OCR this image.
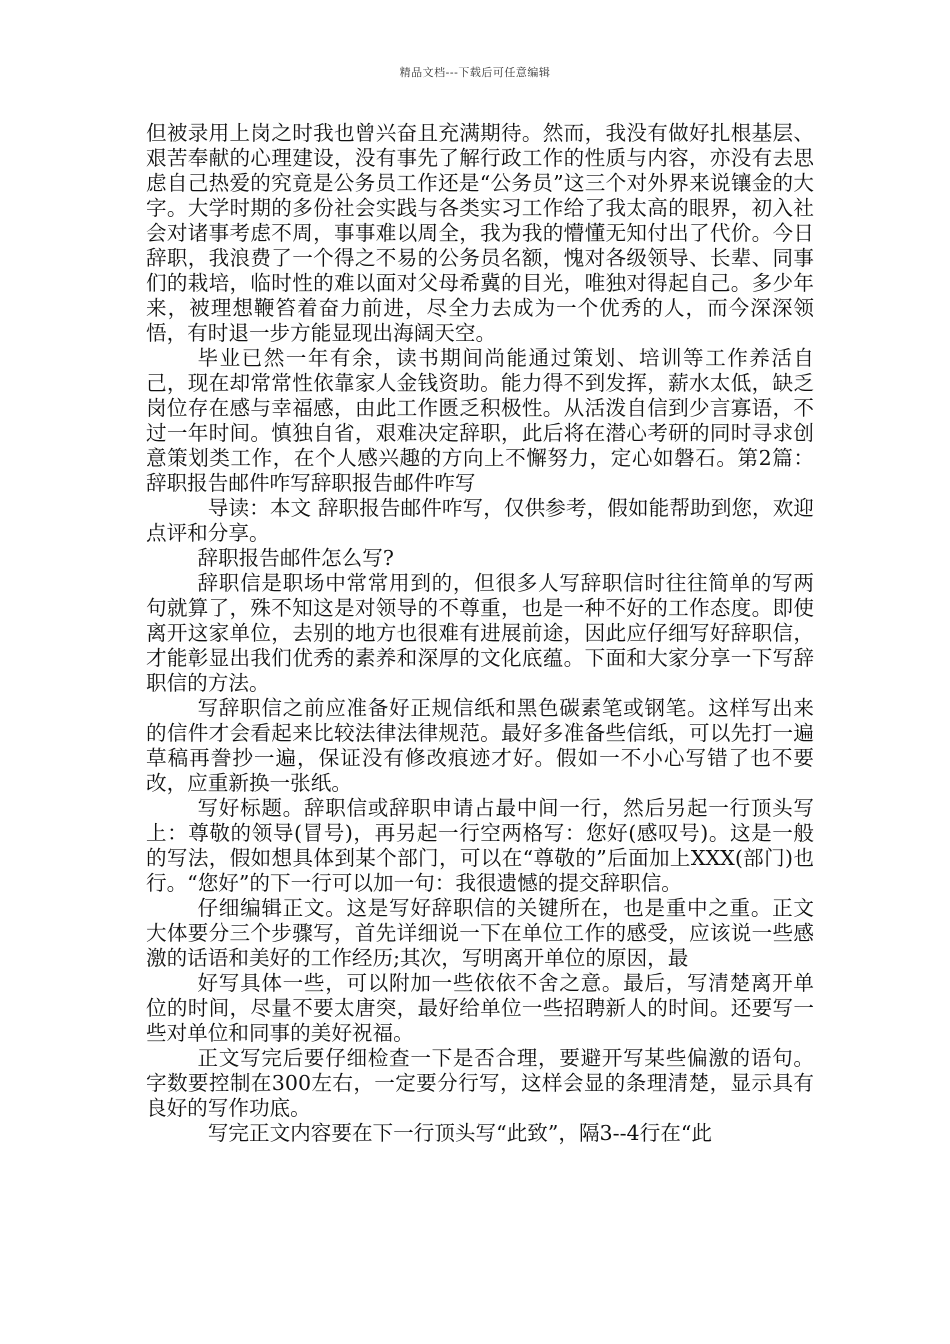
精品文档---下载后可任意编辑

但被录用上岗之时我也曾兴奋且充满期待。然而，我没有做好扎根基层、艰苦奉献的心理建设，没有事先了解行政工作的性质与内容，亦没有去思虑自己热爱的究竟是公务员工作还是“公务员”这三个对外界来说镶金的大字。大学时期的多份社会实践与各类实习工作给了我太高的眼界，初入社会对诸事考虑不周，事事难以周全，我为我的懵懂无知付出了代价。今日辞职，我浪费了一个得之不易的公务员名额，愧对各级领导、长辈、同事们的栽培，临时性的难以面对父母希冀的目光，唯独对得起自己。多少年来，被理想鞭笞着奋力前进，尽全力去成为一个优秀的人，而今深深领悟，有时退一步方能显现出海阔天空。

毕业已然一年有余，读书期间尚能通过策划、培训等工作养活自己，现在却常常性依靠家人金钱资助。能力得不到发挥，薪水太低，缺乏岗位存在感与幸福感，由此工作匮乏积极性。从活泼自信到少言寡语，不过一年时间。慎独自省，艰难决定辞职，此后将在潜心考研的同时寻求创意策划类工作，在个人感兴趣的方向上不懈努力，定心如磐石。第2篇：辞职报告邮件咋写辞职报告邮件咋写

导读：本文 辞职报告邮件咋写，仅供参考，假如能帮助到您，欢迎点评和分享。

辞职报告邮件怎么写?

辞职信是职场中常常用到的，但很多人写辞职信时往往简单的写两句就算了，殊不知这是对领导的不尊重，也是一种不好的工作态度。即使离开这家单位，去别的地方也很难有进展前途，因此应仔细写好辞职信，才能彰显出我们优秀的素养和深厚的文化底蕴。下面和大家分享一下写辞职信的方法。

写辞职信之前应准备好正规信纸和黑色碳素笔或钢笔。这样写出来的信件才会看起来比较法律法律规范。最好多准备些信纸，可以先打一遍草稿再誊抄一遍，保证没有修改痕迹才好。假如一不小心写错了也不要改，应重新换一张纸。

写好标题。辞职信或辞职申请占最中间一行，然后另起一行顶头写上：尊敬的领导(冒号)，再另起一行空两格写：您好(感叹号)。这是一般的写法，假如想具体到某个部门，可以在“尊敬的”后面加上XXX(部门)也行。“您好”的下一行可以加一句：我很遗憾的提交辞职信。

仔细编辑正文。这是写好辞职信的关键所在，也是重中之重。正文大体要分三个步骤写，首先详细说一下在单位工作的感受，应该说一些感激的话语和美好的工作经历;其次，写明离开单位的原因，最

好写具体一些，可以附加一些依依不舍之意。最后，写清楚离开单位的时间，尽量不要太唐突，最好给单位一些招聘新人的时间。还要写一些对单位和同事的美好祝福。

正文写完后要仔细检查一下是否合理，要避开写某些偏激的语句。字数要控制在300左右，一定要分行写，这样会显的条理清楚，显示具有良好的写作功底。

写完正文内容要在下一行顶头写“此致”，隔3--4行在“此
